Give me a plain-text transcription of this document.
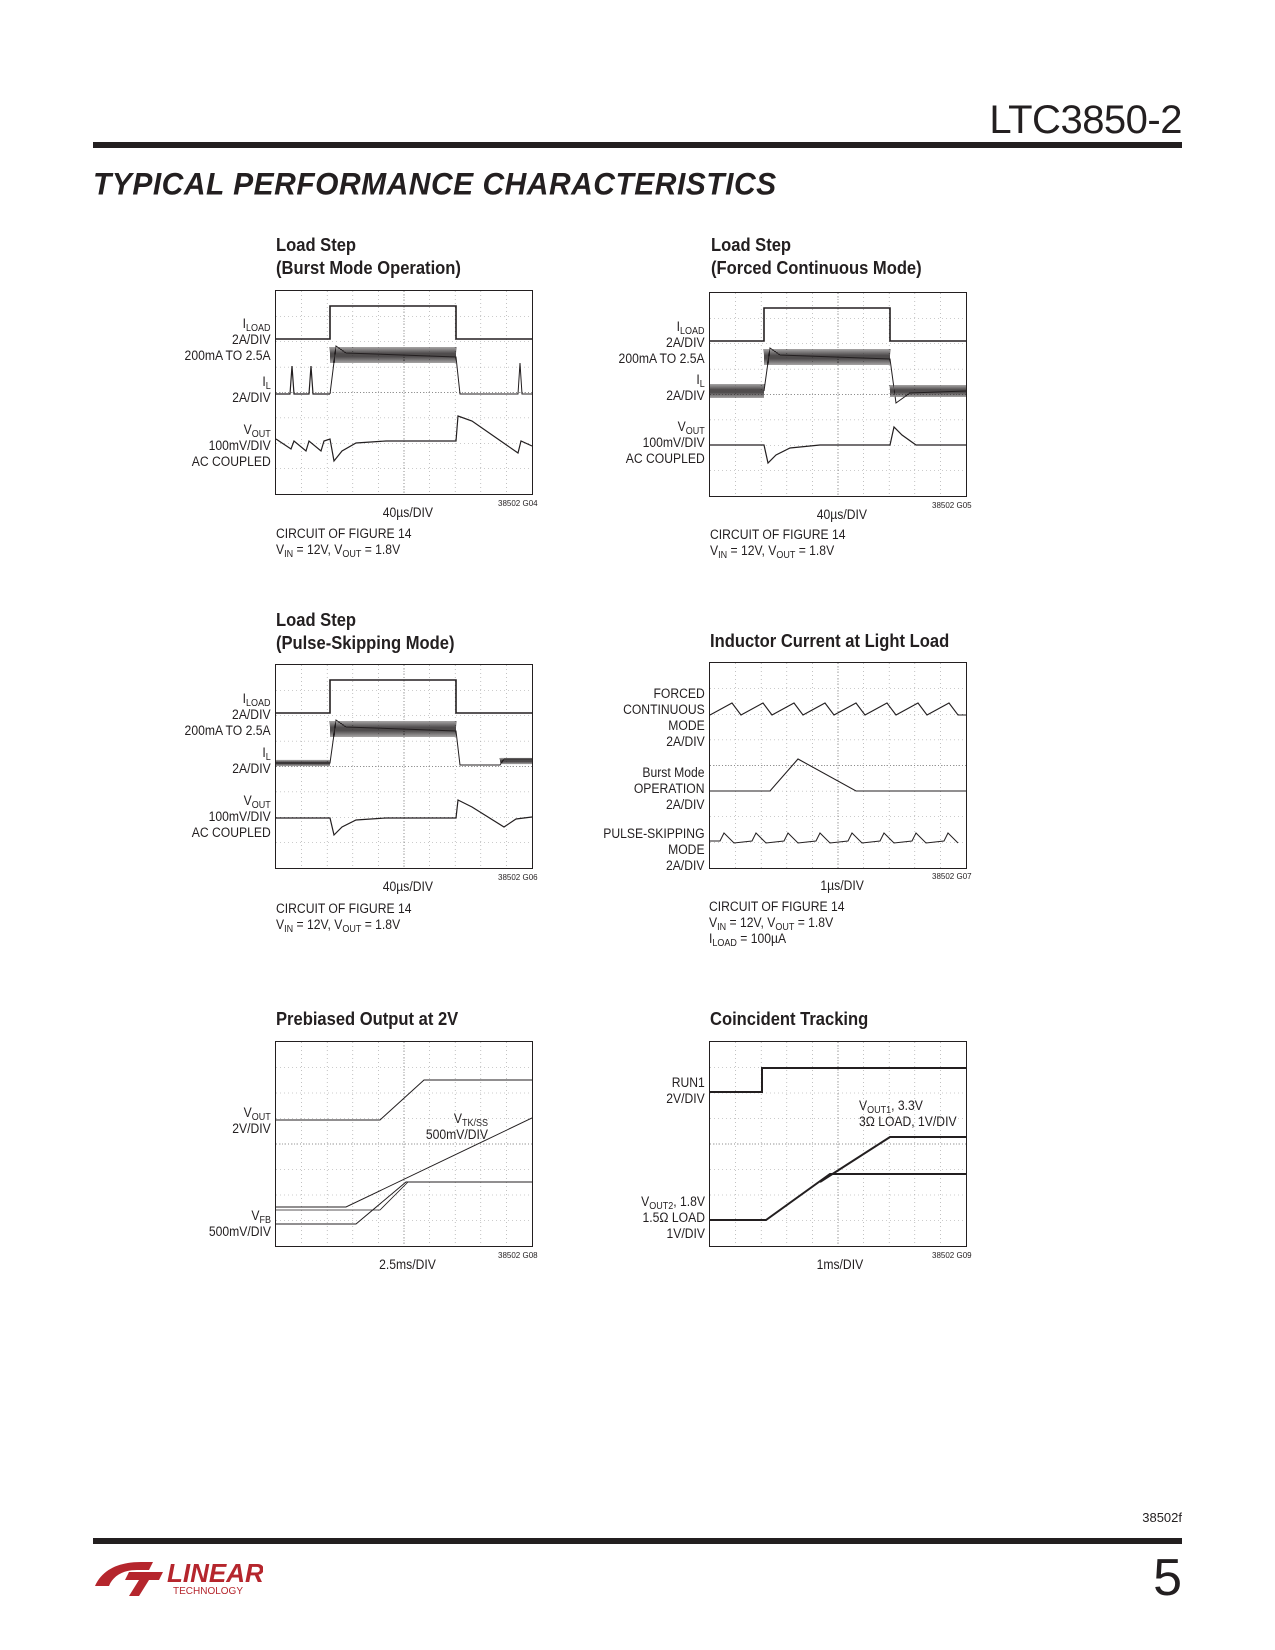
LTC3850-2
TYPICAL PERFORMANCE CHARACTERISTICS
Load Step
(Burst Mode Operation)
$I_{LOAD}$
2A/DIV
200mA TO 2.5A
$I_L$
2A/DIV
$V_{OUT}$
100mV/DIV
AC COUPLED
40µs/DIV
38502 G04
CIRCUIT OF FIGURE 14
$V_{IN} = 12V$, $V_{OUT} = 1.8V$
Load Step
(Forced Continuous Mode)
$I_{LOAD}$
2A/DIV
200mA TO 2.5A
$I_L$
2A/DIV
$V_{OUT}$
100mV/DIV
AC COUPLED
40µs/DIV
38502 G05
CIRCUIT OF FIGURE 14
$V_{IN} = 12V$, $V_{OUT} = 1.8V$
Load Step
(Pulse-Skipping Mode)
$I_{LOAD}$
2A/DIV
200mA TO 2.5A
$I_L$
2A/DIV
$V_{OUT}$
100mV/DIV
AC COUPLED
40µs/DIV
38502 G06
CIRCUIT OF FIGURE 14
$V_{IN} = 12V$, $V_{OUT} = 1.8V$
Inductor Current at Light Load
FORCED
CONTINUOUS
MODE
2A/DIV
Burst Mode
OPERATION
2A/DIV
PULSE-SKIPPING
MODE
2A/DIV
1µs/DIV
38502 G07
CIRCUIT OF FIGURE 14
$V_{IN} = 12V$, $V_{OUT} = 1.8V$
$I_{LOAD} = 100\mu A$
Prebiased Output at 2V
$V_{OUT}$
2V/DIV
$V_{FB}$
500mV/DIV
$V_{TK/SS}$
500mV/DIV
2.5ms/DIV
38502 G08
Coincident Tracking
RUN1
2V/DIV
$V_{OUT2}$, 1.8V
1.5Ω LOAD
1V/DIV
$V_{OUT1}$, 3.3V
3Ω LOAD, 1V/DIV
1ms/DIV
38502 G09
38502f
LINEAR
TECHNOLOGY	5
